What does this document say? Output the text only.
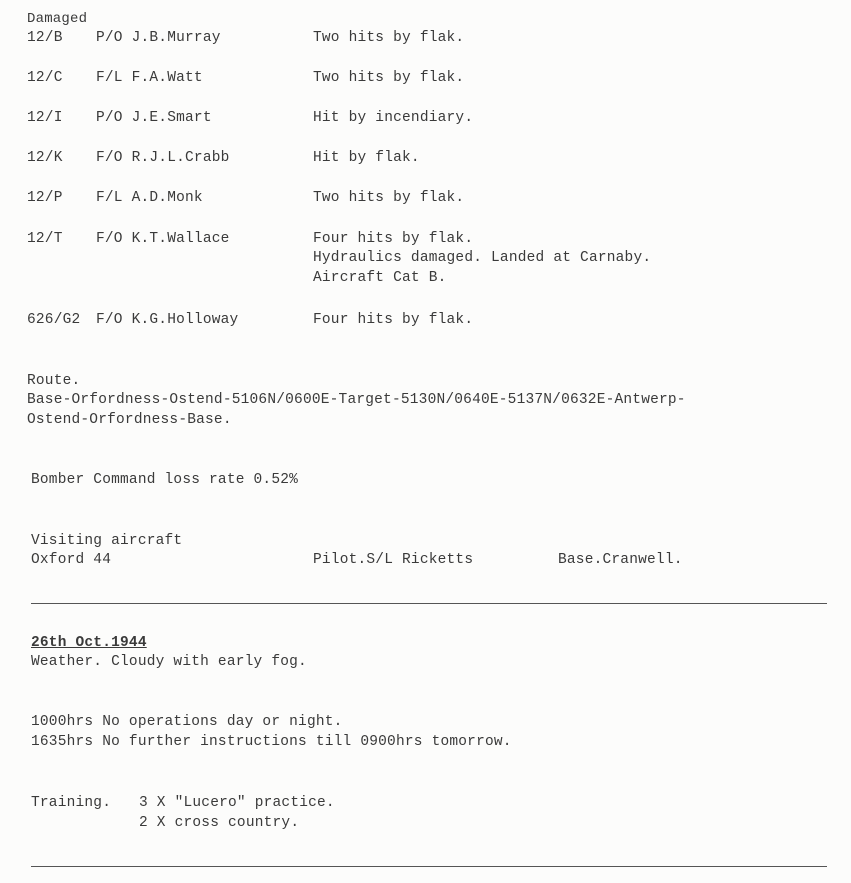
Damaged
12/B P/O J.B.Murray	Two hits by flak.
12/C F/L F.A.Watt	Two hits by flak.
12/I P/O J.E.Smart	Hit by incendiary.
12/K F/O R.J.L.Crabb	Hit by flak.
12/P F/L A.D.Monk	Two hits by flak.
12/T F/O K.T.Wallace	Four hits by flak.
Hydraulics damaged. Landed at Carnaby.
Aircraft Cat B.
626/G2 F/O K.G.Holloway	Four hits by flak.
Route.
Base-Orfordness-Ostend-5106N/0600E-Target-5130N/0640E-5137N/0632E-Antwerp-
Ostend-Orfordness-Base.
Bomber Command loss rate 0.52%
Visiting aircraft
Oxford 44	Pilot.S/L Ricketts	Base.Cranwell.
26th Oct.1944
Weather. Cloudy with early fog.
1000hrs No operations day or night.
1635hrs No further instructions till 0900hrs tomorrow.
Training. 3 X "Lucero" practice.
2 X cross country.
